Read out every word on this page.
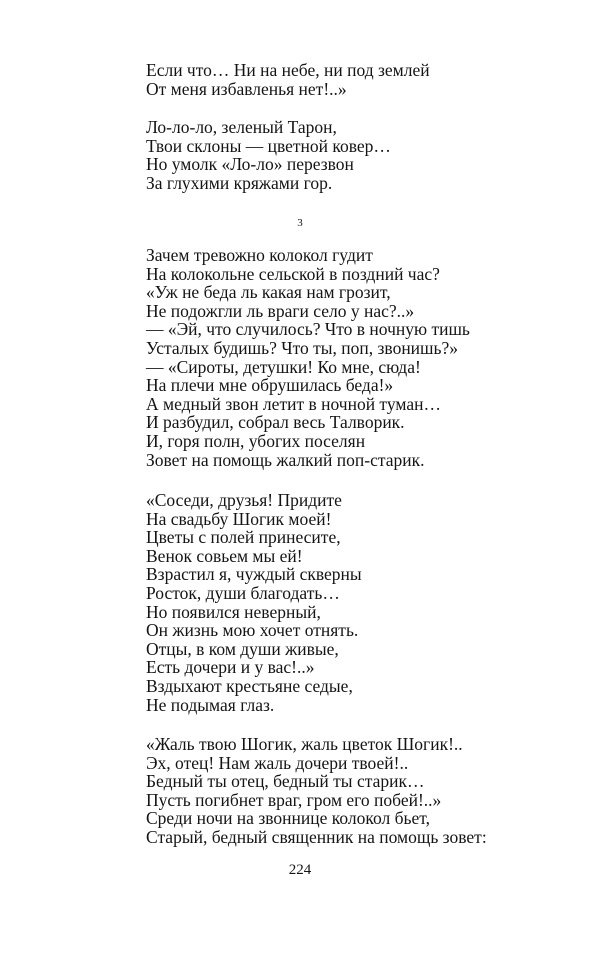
Если что… Ни на небе, ни под землей
От меня избавленья нет!..»
Ло-ло-ло, зеленый Тарон,
Твои склоны — цветной ковер…
Но умолк «Ло-ло» перезвон
За глухими кряжами гор.
3
Зачем тревожно колокол гудит
На колокольне сельской в поздний час?
«Уж не беда ль какая нам грозит,
Не подожгли ль враги село у нас?..»
— «Эй, что случилось? Что в ночную тишь
Усталых будишь? Что ты, поп, звонишь?»
— «Сироты, детушки! Ко мне, сюда!
На плечи мне обрушилась беда!»
А медный звон летит в ночной туман…
И разбудил, собрал весь Талворик.
И, горя полн, убогих поселян
Зовет на помощь жалкий поп-старик.
«Соседи, друзья! Придите
На свадьбу Шогик моей!
Цветы с полей принесите,
Венок совьем мы ей!
Взрастил я, чуждый скверны
Росток, души благодать…
Но появился неверный,
Он жизнь мою хочет отнять.
Отцы, в ком души живые,
Есть дочери и у вас!..»
Вздыхают крестьяне седые,
Не подымая глаз.
«Жаль твою Шогик, жаль цветок Шогик!..
Эх, отец! Нам жаль дочери твоей!..
Бедный ты отец, бедный ты старик…
Пусть погибнет враг, гром его побей!..»
Среди ночи на звоннице колокол бьет,
Старый, бедный священник на помощь зовет:
224
